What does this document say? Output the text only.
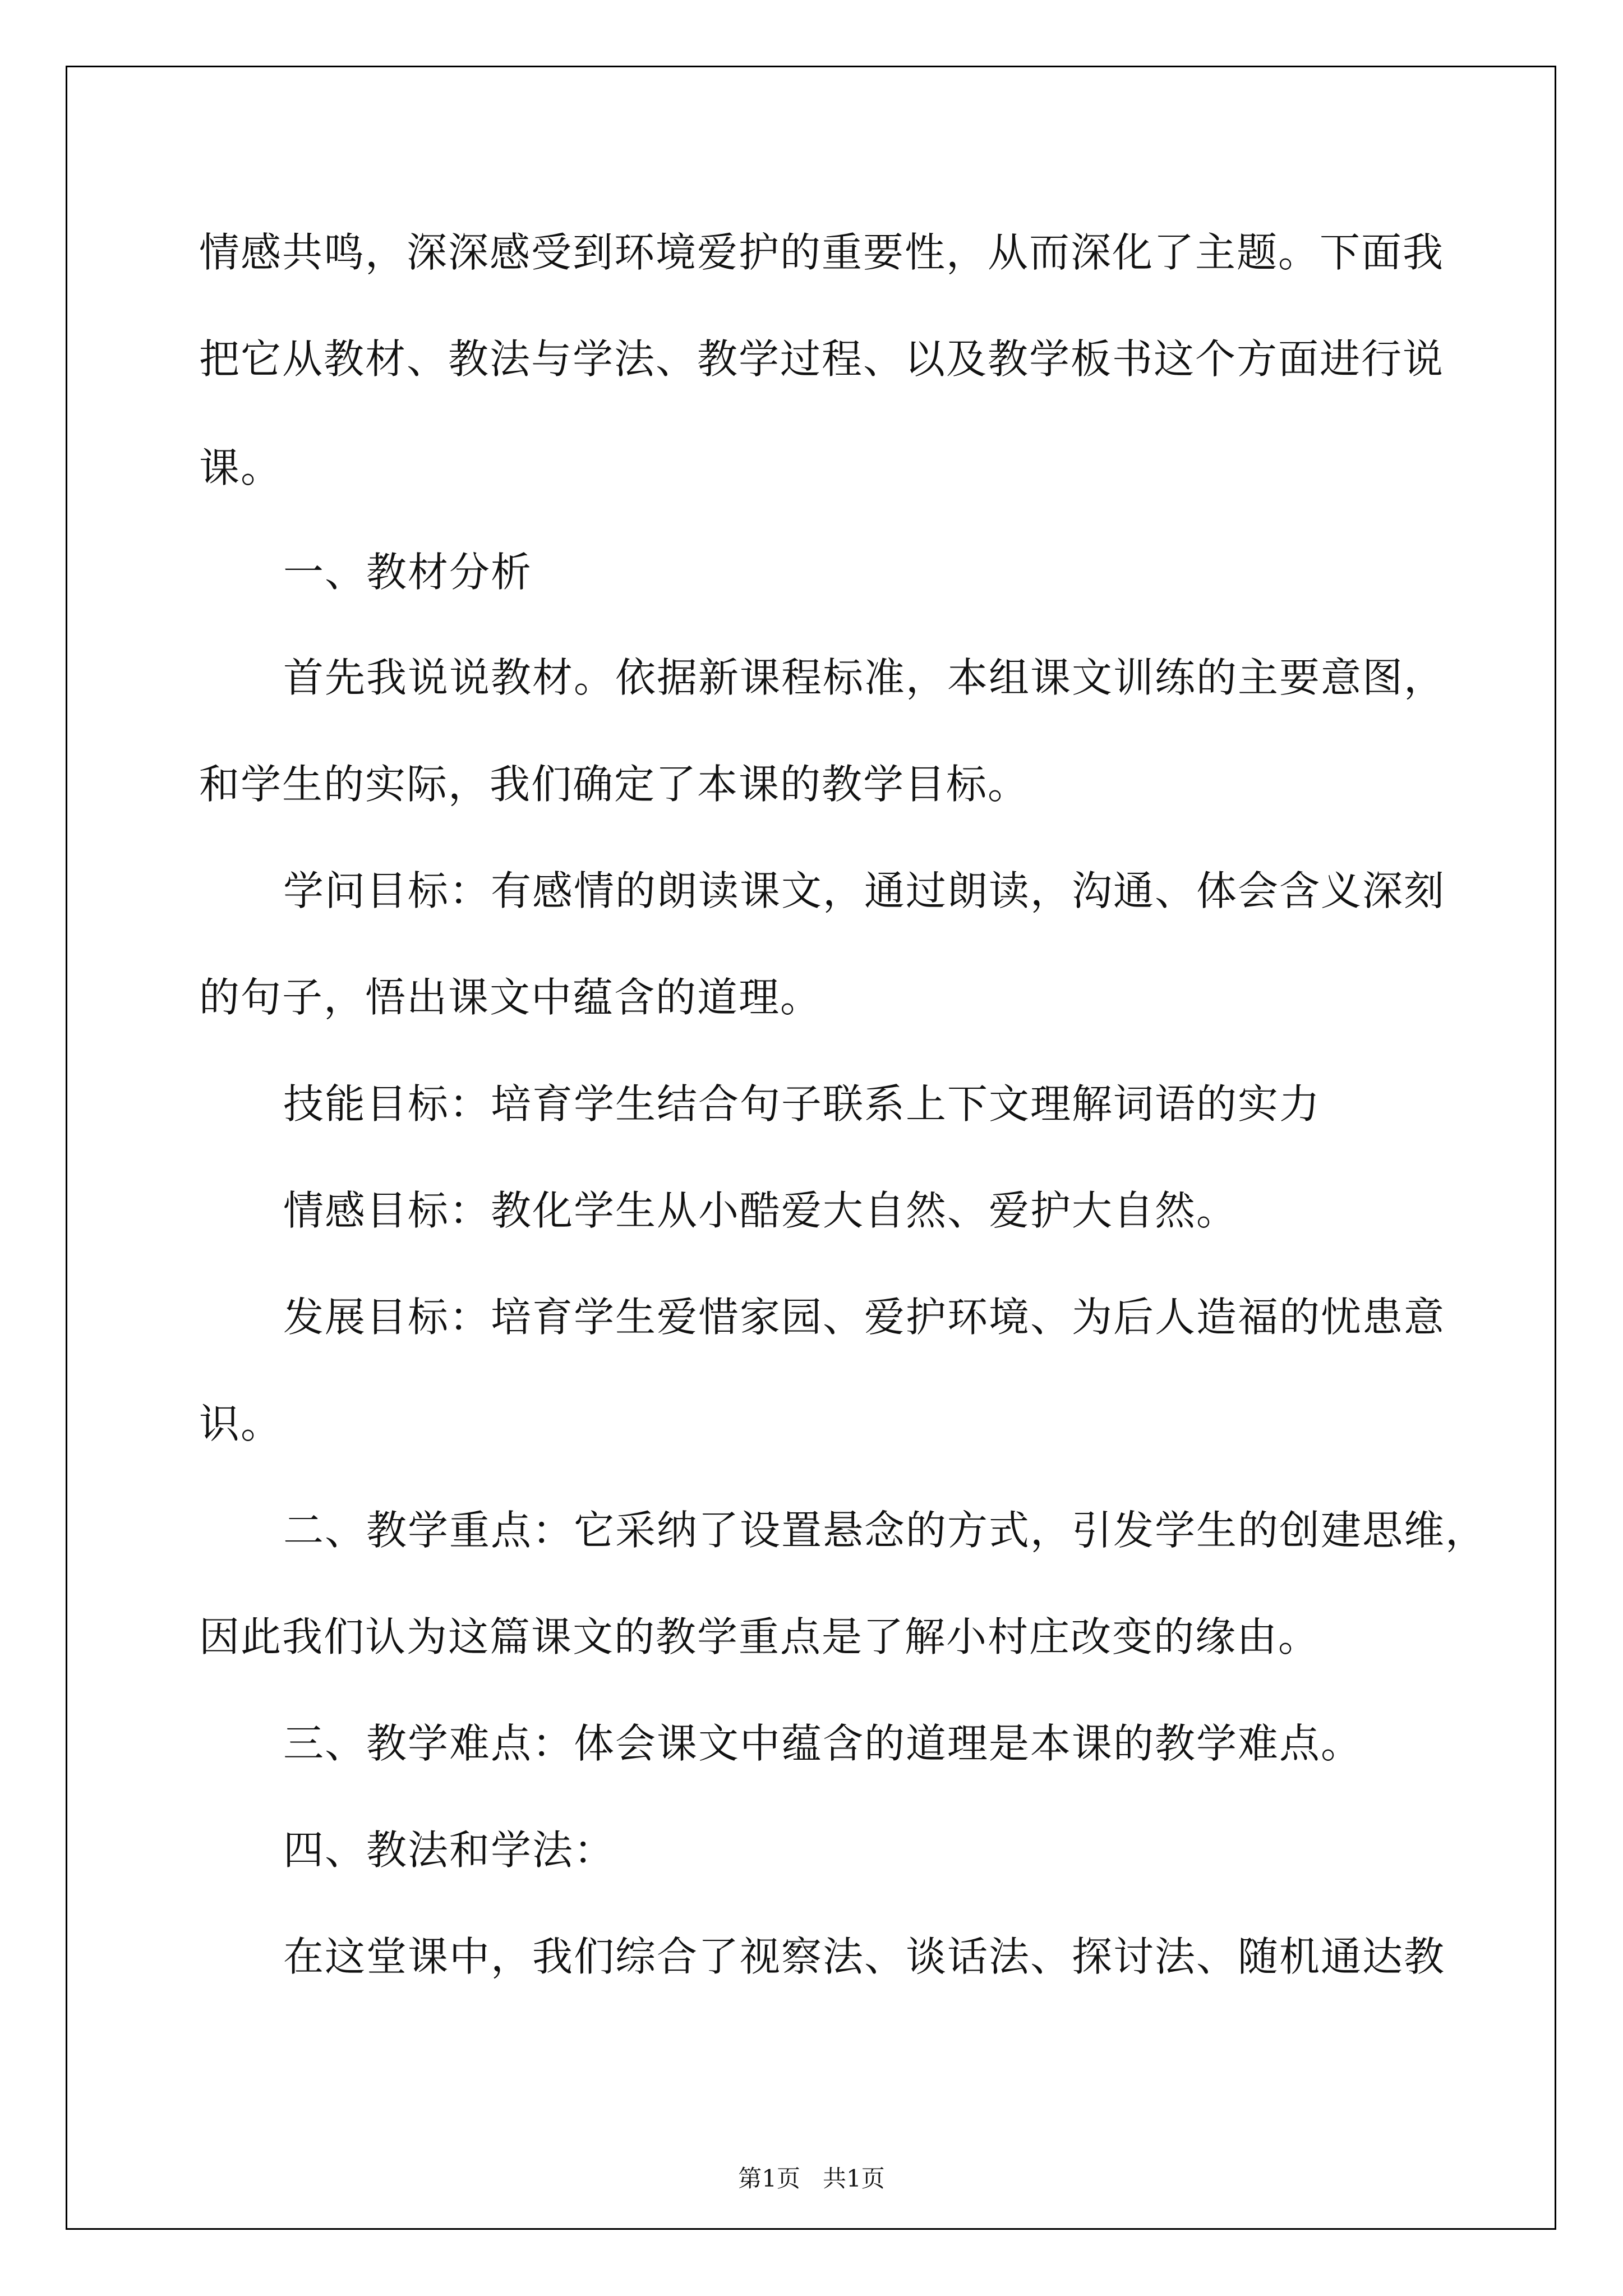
情感共鸣，深深感受到环境爱护的重要性，从而深化了主题。下面我
把它从教材、教法与学法、教学过程、以及教学板书这个方面进行说
课。
一、教材分析
首先我说说教材。依据新课程标准，本组课文训练的主要意图，
和学生的实际，我们确定了本课的教学目标。
学问目标：有感情的朗读课文，通过朗读，沟通、体会含义深刻
的句子，悟出课文中蕴含的道理。
技能目标：培育学生结合句子联系上下文理解词语的实力
情感目标：教化学生从小酷爱大自然、爱护大自然。
发展目标：培育学生爱惜家园、爱护环境、为后人造福的忧患意
识。
二、教学重点：它采纳了设置悬念的方式，引发学生的创建思维，
因此我们认为这篇课文的教学重点是了解小村庄改变的缘由。
三、教学难点：体会课文中蕴含的道理是本课的教学难点。
四、教法和学法：
在这堂课中，我们综合了视察法、谈话法、探讨法、随机通达教
第1页 共1页
